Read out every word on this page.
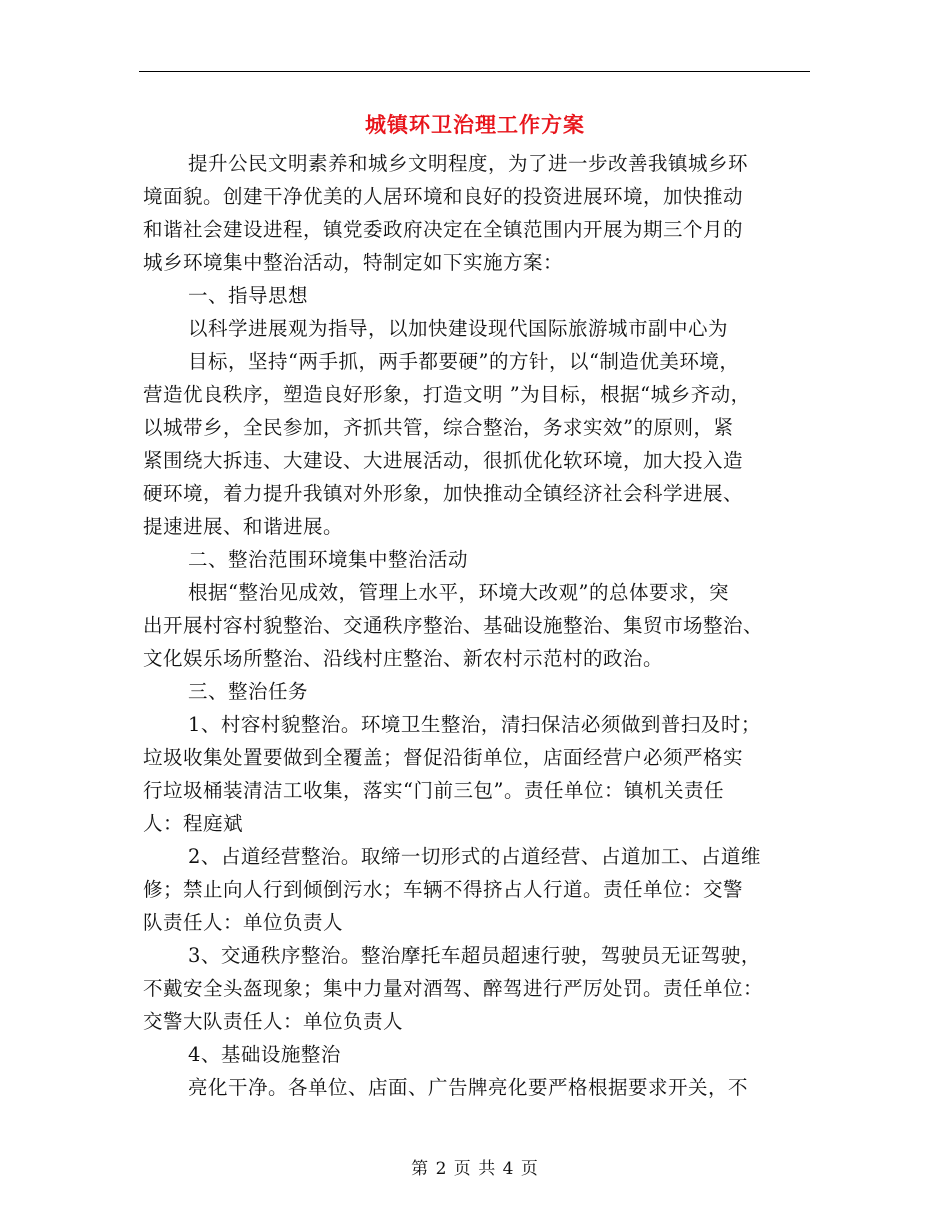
城镇环卫治理工作方案
提升公民文明素养和城乡文明程度，为了进一步改善我镇城乡环
境面貌。创建干净优美的人居环境和良好的投资进展环境，加快推动
和谐社会建设进程，镇党委政府决定在全镇范围内开展为期三个月的
城乡环境集中整治活动，特制定如下实施方案：
一、指导思想
以科学进展观为指导，以加快建设现代国际旅游城市副中心为
目标，坚持“两手抓，两手都要硬”的方针，以“制造优美环境，
营造优良秩序，塑造良好形象，打造文明 ”为目标，根据“城乡齐动，
以城带乡，全民参加，齐抓共管，综合整治，务求实效”的原则，紧
紧围绕大拆违、大建设、大进展活动，很抓优化软环境，加大投入造
硬环境，着力提升我镇对外形象，加快推动全镇经济社会科学进展、
提速进展、和谐进展。
二、整治范围环境集中整治活动
根据“整治见成效，管理上水平，环境大改观”的总体要求，突
出开展村容村貌整治、交通秩序整治、基础设施整治、集贸市场整治、
文化娱乐场所整治、沿线村庄整治、新农村示范村的政治。
三、整治任务
1、村容村貌整治。环境卫生整治，清扫保洁必须做到普扫及时；
垃圾收集处置要做到全覆盖；督促沿街单位，店面经营户必须严格实
行垃圾桶装清洁工收集，落实“门前三包”。责任单位：镇机关责任
人：程庭斌
2、占道经营整治。取缔一切形式的占道经营、占道加工、占道维
修；禁止向人行到倾倒污水；车辆不得挤占人行道。责任单位：交警
队责任人：单位负责人
3、交通秩序整治。整治摩托车超员超速行驶，驾驶员无证驾驶，
不戴安全头盔现象；集中力量对酒驾、醉驾进行严厉处罚。责任单位：
交警大队责任人：单位负责人
4、基础设施整治
亮化干净。各单位、店面、广告牌亮化要严格根据要求开关，不
第 2 页 共 4 页
